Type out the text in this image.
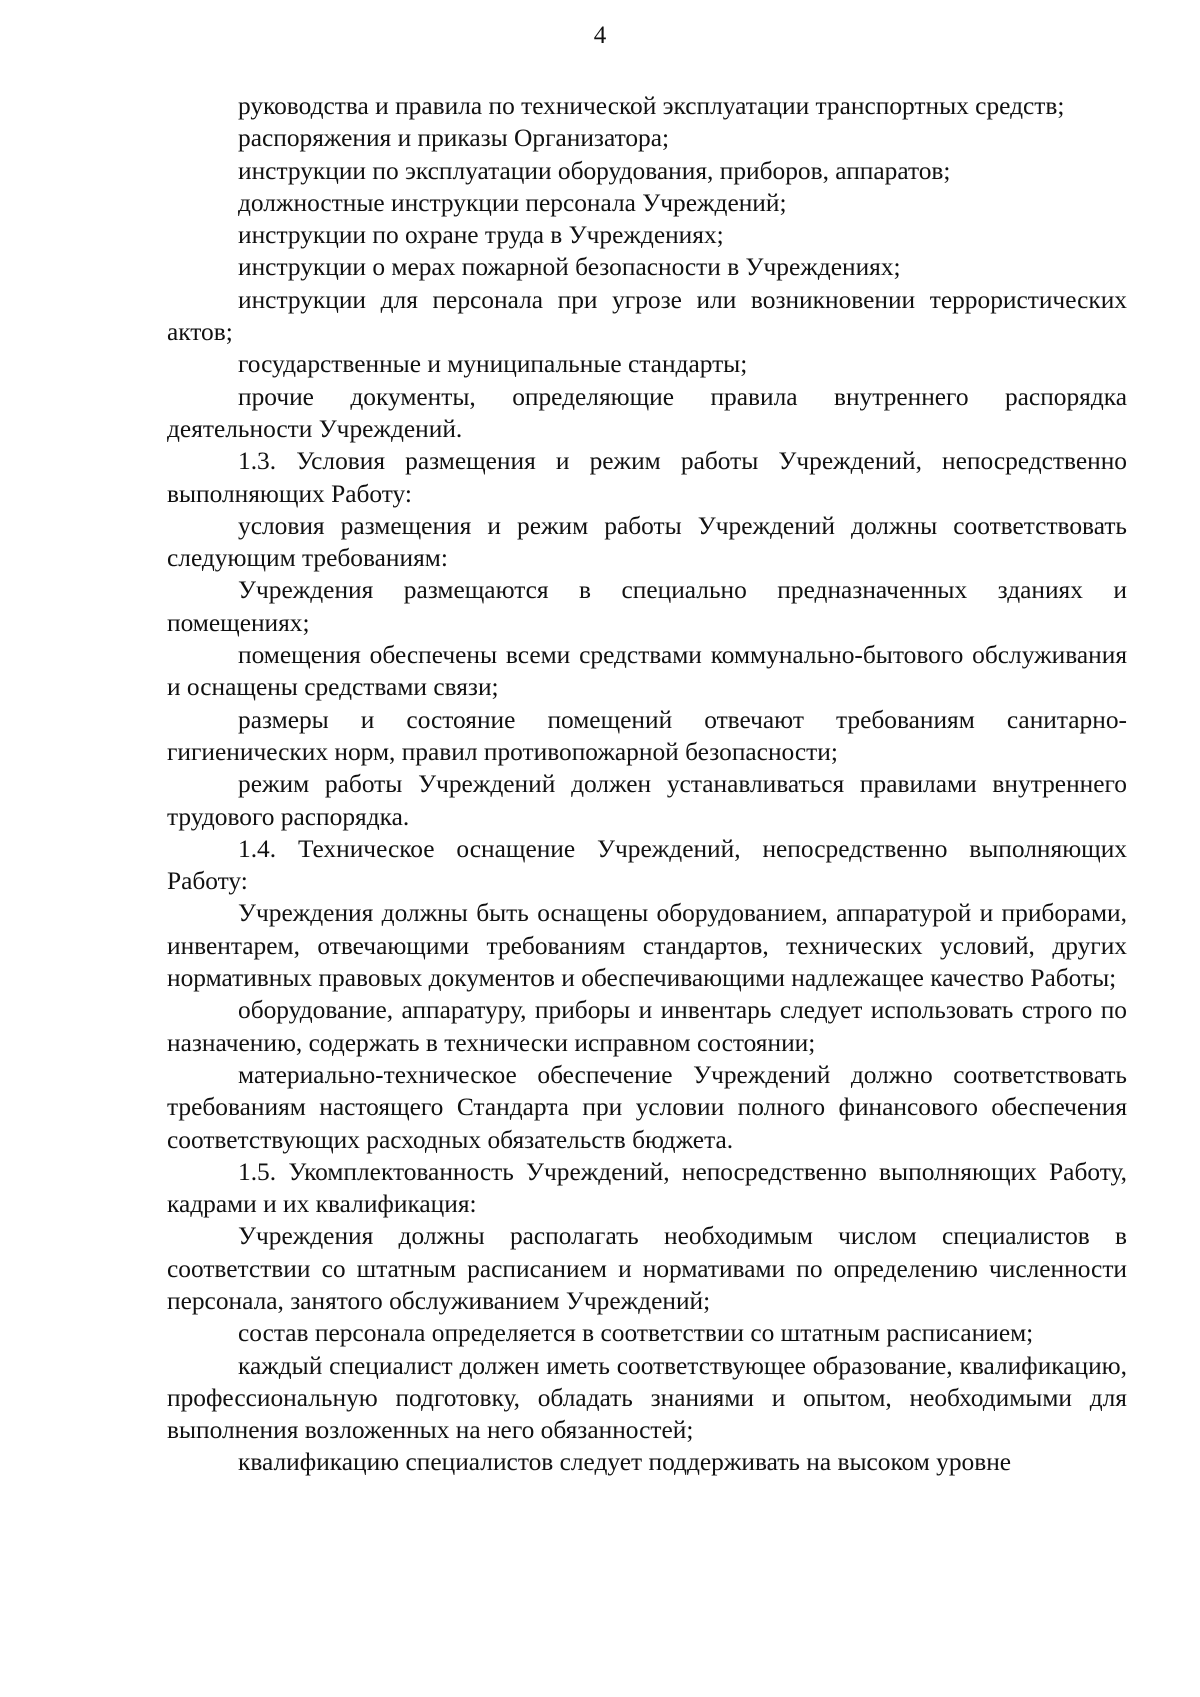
4

руководства и правила по технической эксплуатации транспортных средств;

распоряжения и приказы Организатора;

инструкции по эксплуатации оборудования, приборов, аппаратов;

должностные инструкции персонала Учреждений;

инструкции по охране труда в Учреждениях;

инструкции о мерах пожарной безопасности в Учреждениях;

инструкции для персонала при угрозе или возникновении террористических актов;

государственные и муниципальные стандарты;

прочие документы, определяющие правила внутреннего распорядка деятельности Учреждений.

1.3. Условия размещения и режим работы Учреждений, непосредственно выполняющих Работу:

условия размещения и режим работы Учреждений должны соответствовать следующим требованиям:

Учреждения размещаются в специально предназначенных зданиях и помещениях;

помещения обеспечены всеми средствами коммунально-бытового обслуживания и оснащены средствами связи;

размеры и состояние помещений отвечают требованиям санитарно-гигиенических норм, правил противопожарной безопасности;

режим работы Учреждений должен устанавливаться правилами внутреннего трудового распорядка.

1.4. Техническое оснащение Учреждений, непосредственно выполняющих Работу:

Учреждения должны быть оснащены оборудованием, аппаратурой и приборами, инвентарем, отвечающими требованиям стандартов, технических условий, других нормативных правовых документов и обеспечивающими надлежащее качество Работы;

оборудование, аппаратуру, приборы и инвентарь следует использовать строго по назначению, содержать в технически исправном состоянии;

материально-техническое обеспечение Учреждений должно соответствовать требованиям настоящего Стандарта при условии полного финансового обеспечения соответствующих расходных обязательств бюджета.

1.5. Укомплектованность Учреждений, непосредственно выполняющих Работу, кадрами и их квалификация:

Учреждения должны располагать необходимым числом специалистов в соответствии со штатным расписанием и нормативами по определению численности персонала, занятого обслуживанием Учреждений;

состав персонала определяется в соответствии со штатным расписанием;

каждый специалист должен иметь соответствующее образование, квалификацию, профессиональную подготовку, обладать знаниями и опытом, необходимыми для выполнения возложенных на него обязанностей;

квалификацию специалистов следует поддерживать на высоком уровне
